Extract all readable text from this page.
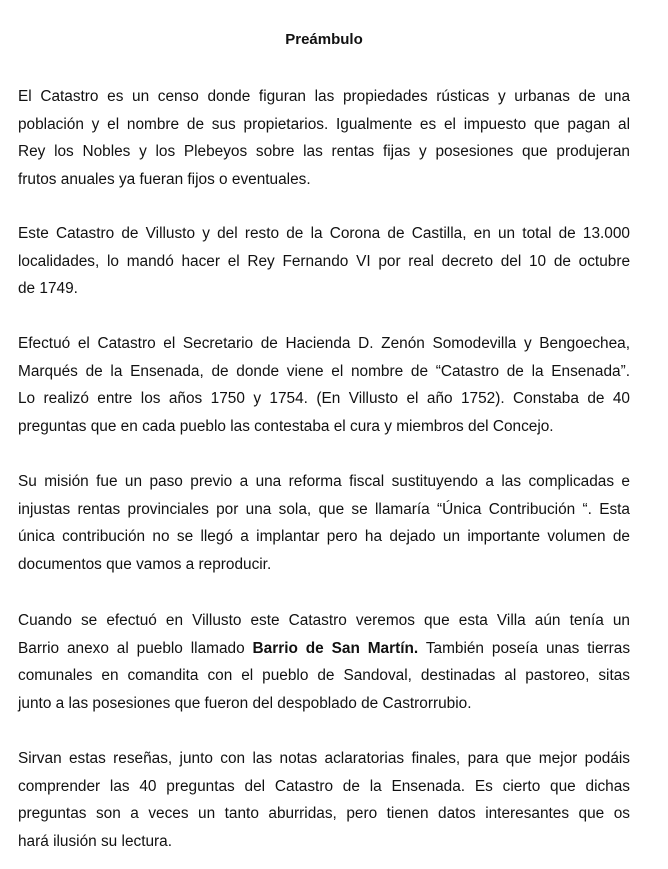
Preámbulo

El Catastro es un censo donde figuran las propiedades rústicas y urbanas de una
población y el nombre de sus propietarios. Igualmente es el impuesto que pagan al
Rey los Nobles y los Plebeyos sobre las rentas fijas y posesiones que produjeran
frutos anuales ya fueran fijos o eventuales.

Este Catastro de Villusto y del resto de la Corona de Castilla, en un total de 13.000
localidades, lo mandó hacer el Rey Fernando VI por real decreto del 10 de octubre
de 1749.

Efectuó el Catastro el Secretario de Hacienda D. Zenón Somodevilla y Bengoechea,
Marqués de la Ensenada, de donde viene el nombre de “Catastro de la Ensenada”.
Lo realizó entre los años 1750 y 1754. (En Villusto el año 1752). Constaba de 40
preguntas que en cada pueblo las contestaba el cura y miembros del Concejo.

Su misión fue un paso previo a una reforma fiscal sustituyendo a las complicadas e
injustas rentas provinciales por una sola, que se llamaría “Única Contribución “. Esta
única contribución no se llegó a implantar pero ha dejado un importante volumen de
documentos que vamos a reproducir.

Cuando se efectuó en Villusto este Catastro veremos que esta Villa aún tenía un
Barrio anexo al pueblo llamado Barrio de San Martín. También poseía unas tierras
comunales en comandita con el pueblo de Sandoval, destinadas al pastoreo, sitas
junto a las posesiones que fueron del despoblado de Castrorrubio.

Sirvan estas reseñas, junto con las notas aclaratorias finales, para que mejor podáis
comprender las 40 preguntas del Catastro de la Ensenada. Es cierto que dichas
preguntas son a veces un tanto aburridas, pero tienen datos interesantes que os
hará ilusión su lectura.
